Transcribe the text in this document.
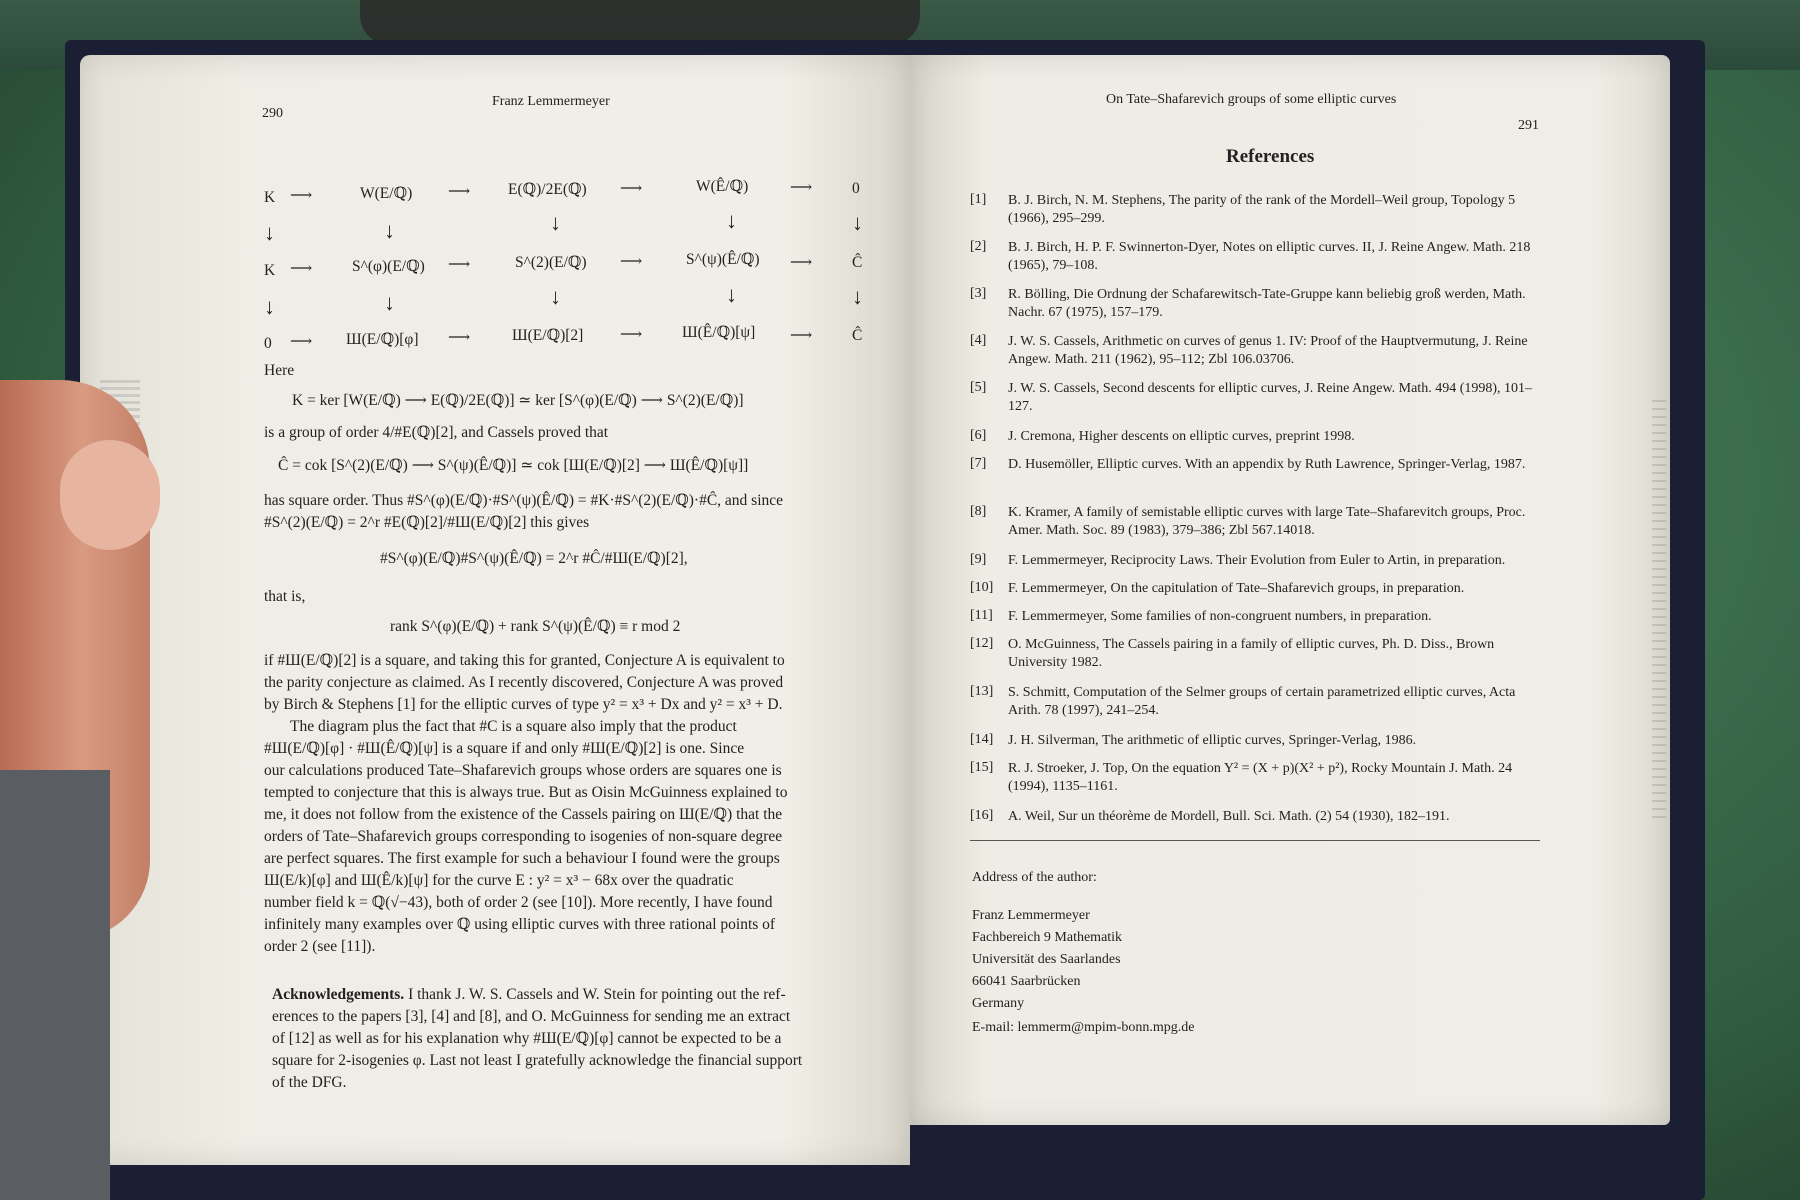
290
Franz Lemmermeyer
K ⟶	W(E/ℚ) ⟶ E(ℚ)/2E(ℚ) ⟶	W(Ê/ℚ)	⟶	0
↓	↓	↓	↓	↓
K ⟶	S^(φ)(E/ℚ) ⟶	S^(2)(E/ℚ) ⟶	S^(ψ)(Ê/ℚ) ⟶	Ĉ
↓	↓	↓	↓	↓
0 ⟶ Ш(E/ℚ)[φ] ⟶	Ш(E/ℚ)[2] ⟶	Ш(Ê/ℚ)[ψ] ⟶	Ĉ
Here
K = ker [W(E/ℚ) ⟶ E(ℚ)/2E(ℚ)] ≃ ker [S^(φ)(E/ℚ) ⟶ S^(2)(E/ℚ)]
is a group of order 4/#E(ℚ)[2], and Cassels proved that
Ĉ = cok [S^(2)(E/ℚ) ⟶ S^(ψ)(Ê/ℚ)] ≃ cok [Ш(E/ℚ)[2] ⟶ Ш(Ê/ℚ)[ψ]]
has square order. Thus #S^(φ)(E/ℚ)·#S^(ψ)(Ê/ℚ) = #K·#S^(2)(E/ℚ)·#Ĉ, and since
#S^(2)(E/ℚ) = 2^r #E(ℚ)[2]/#Ш(E/ℚ)[2] this gives
#S^(φ)(E/ℚ)#S^(ψ)(Ê/ℚ) = 2^r #Ĉ/#Ш(E/ℚ)[2],
that is,
rank S^(φ)(E/ℚ) + rank S^(ψ)(Ê/ℚ) ≡ r mod 2
if #Ш(E/ℚ)[2] is a square, and taking this for granted, Conjecture A is equivalent to
the parity conjecture as claimed. As I recently discovered, Conjecture A was proved
by Birch & Stephens [1] for the elliptic curves of type y² = x³ + Dx and y² = x³ + D.
The diagram plus the fact that #C is a square also imply that the product
#Ш(E/ℚ)[φ] · #Ш(Ê/ℚ)[ψ] is a square if and only #Ш(E/ℚ)[2] is one. Since
our calculations produced Tate–Shafarevich groups whose orders are squares one is
tempted to conjecture that this is always true. But as Oisin McGuinness explained to
me, it does not follow from the existence of the Cassels pairing on Ш(E/ℚ) that the
orders of Tate–Shafarevich groups corresponding to isogenies of non-square degree
are perfect squares. The first example for such a behaviour I found were the groups
Ш(E/k)[φ] and Ш(Ê/k)[ψ] for the curve E : y² = x³ − 68x over the quadratic
number field k = ℚ(√−43), both of order 2 (see [10]). More recently, I have found
infinitely many examples over ℚ using elliptic curves with three rational points of
order 2 (see [11]).
Acknowledgements. I thank J. W. S. Cassels and W. Stein for pointing out the ref-
erences to the papers [3], [4] and [8], and O. McGuinness for sending me an extract
of [12] as well as for his explanation why #Ш(E/ℚ)[φ] cannot be expected to be a
square for 2-isogenies φ. Last not least I gratefully acknowledge the financial support
of the DFG.
On Tate–Shafarevich groups of some elliptic curves
291
References
[1]	B. J. Birch, N. M. Stephens, The parity of the rank of the Mordell–Weil group, Topology 5 (1966), 295–299.
[2]	B. J. Birch, H. P. F. Swinnerton-Dyer, Notes on elliptic curves. II, J. Reine Angew. Math. 218 (1965), 79–108.
[3]	R. Bölling, Die Ordnung der Schafarewitsch-Tate-Gruppe kann beliebig groß werden, Math. Nachr. 67 (1975), 157–179.
[4]	J. W. S. Cassels, Arithmetic on curves of genus 1. IV: Proof of the Hauptvermutung, J. Reine Angew. Math. 211 (1962), 95–112; Zbl 106.03706.
[5]	J. W. S. Cassels, Second descents for elliptic curves, J. Reine Angew. Math. 494 (1998), 101–127.
[6]	J. Cremona, Higher descents on elliptic curves, preprint 1998.
[7]	D. Husemöller, Elliptic curves. With an appendix by Ruth Lawrence, Springer-Verlag, 1987.
[8]	K. Kramer, A family of semistable elliptic curves with large Tate–Shafarevitch groups, Proc. Amer. Math. Soc. 89 (1983), 379–386; Zbl 567.14018.
[9]	F. Lemmermeyer, Reciprocity Laws. Their Evolution from Euler to Artin, in preparation.
[10]	F. Lemmermeyer, On the capitulation of Tate–Shafarevich groups, in preparation.
[11]	F. Lemmermeyer, Some families of non-congruent numbers, in preparation.
[12]	O. McGuinness, The Cassels pairing in a family of elliptic curves, Ph. D. Diss., Brown University 1982.
[13]	S. Schmitt, Computation of the Selmer groups of certain parametrized elliptic curves, Acta Arith. 78 (1997), 241–254.
[14]	J. H. Silverman, The arithmetic of elliptic curves, Springer-Verlag, 1986.
[15]	R. J. Stroeker, J. Top, On the equation Y² = (X + p)(X² + p²), Rocky Mountain J. Math. 24 (1994), 1135–1161.
[16]	A. Weil, Sur un théorème de Mordell, Bull. Sci. Math. (2) 54 (1930), 182–191.
Address of the author:
Franz Lemmermeyer
Fachbereich 9 Mathematik
Universität des Saarlandes
66041 Saarbrücken
Germany
E-mail: lemmerm@mpim-bonn.mpg.de
